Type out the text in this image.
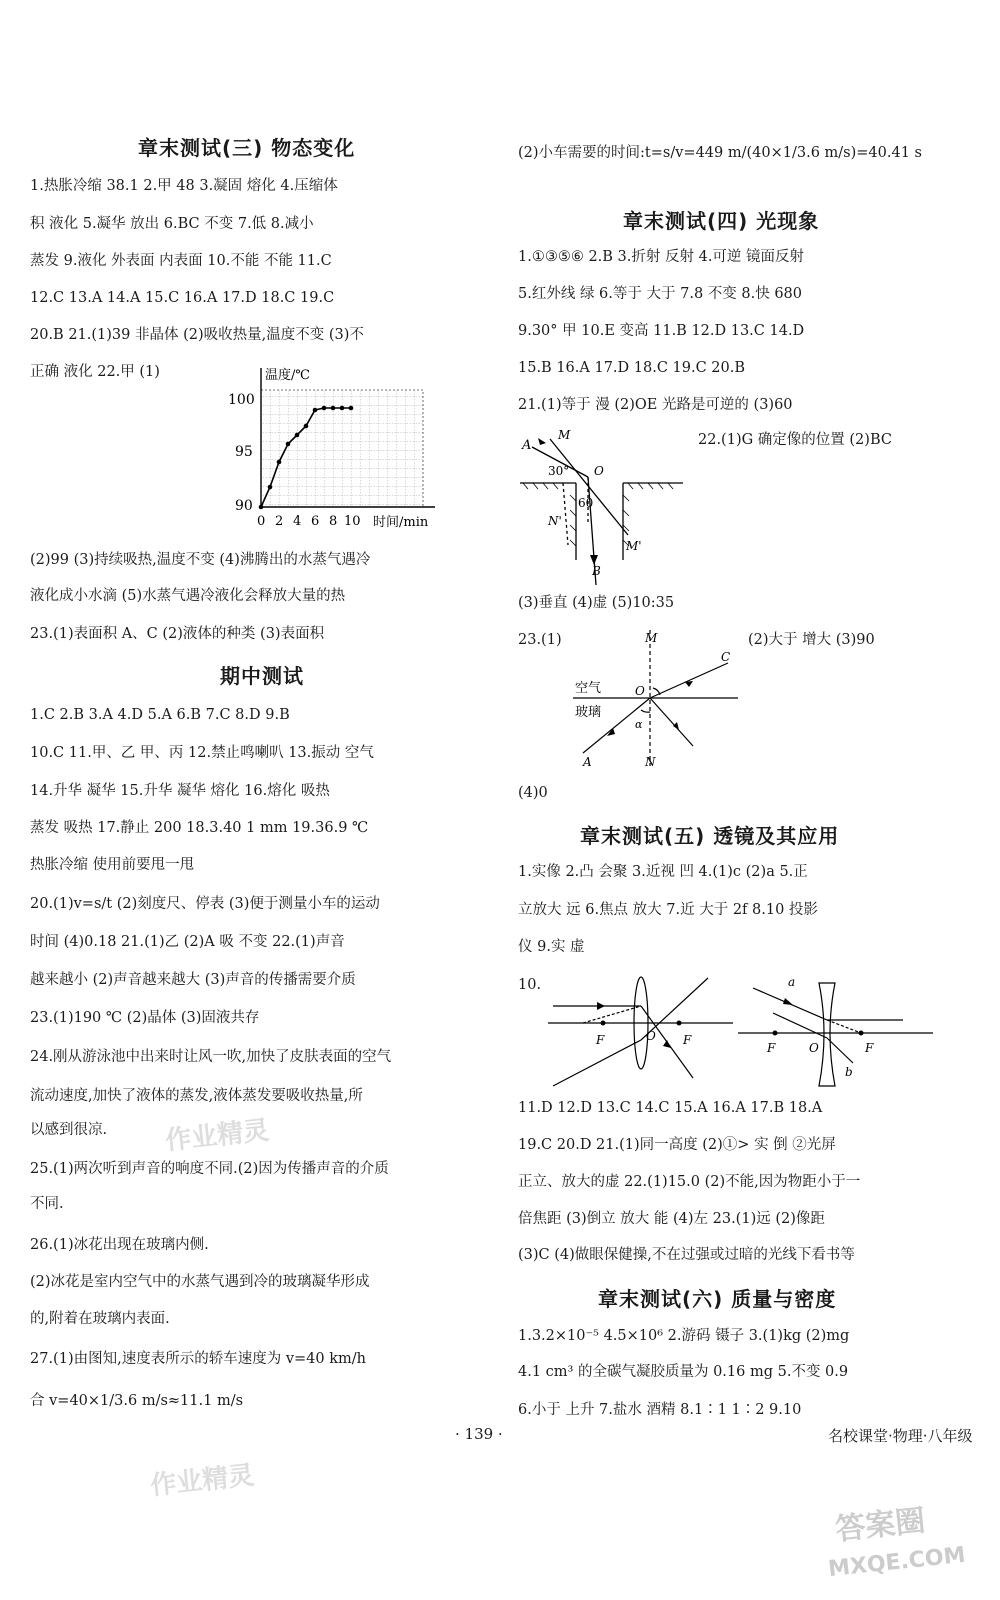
章末测试(三) 物态变化
1.热胀冷缩 38.1 2.甲 48 3.凝固 熔化 4.压缩体
积 液化 5.凝华 放出 6.BC 不变 7.低 8.减小
蒸发 9.液化 外表面 内表面 10.不能 不能 11.C
12.C 13.A 14.A 15.C 16.A 17.D 18.C 19.C
20.B 21.(1)39 非晶体 (2)吸收热量,温度不变 (3)不
正确 液化 22.甲 (1)	温度/℃
100
95
90
0 2 4 6 8 10 时间/min
(2)99 (3)持续吸热,温度不变 (4)沸腾出的水蒸气遇冷
液化成小水滴 (5)水蒸气遇冷液化会释放大量的热
23.(1)表面积 A、C (2)液体的种类 (3)表面积
期中测试
1.C 2.B 3.A 4.D 5.A 6.B 7.C 8.D 9.B
10.C 11.甲、乙 甲、丙 12.禁止鸣喇叭 13.振动 空气
14.升华 凝华 15.升华 凝华 熔化 16.熔化 吸热
蒸发 吸热 17.静止 200 18.3.40 1 mm 19.36.9 ℃
热胀冷缩 使用前要甩一甩
20.(1)v=s/t (2)刻度尺、停表 (3)便于测量小车的运动
时间 (4)0.18 21.(1)乙 (2)A 吸 不变 22.(1)声音
越来越小 (2)声音越来越大 (3)声音的传播需要介质
23.(1)190 ℃ (2)晶体 (3)固液共存
24.刚从游泳池中出来时让风一吹,加快了皮肤表面的空气
流动速度,加快了液体的蒸发,液体蒸发要吸收热量,所
以感到很凉.
25.(1)两次听到声音的响度不同.(2)因为传播声音的介质
不同.
26.(1)冰花出现在玻璃内侧.
(2)冰花是室内空气中的水蒸气遇到冷的玻璃凝华形成
的,附着在玻璃内表面.
27.(1)由图知,速度表所示的轿车速度为 v=40 km/h
合 v=40×1/3.6 m/s≈11.1 m/s
(2)小车需要的时间:t=s/v=449 m/(40×1/3.6 m/s)=40.41 s
章末测试(四) 光现象
1.①③⑤⑥ 2.B 3.折射 反射 4.可逆 镜面反射
5.红外线 绿 6.等于 大于 7.8 不变 8.快 680
9.30° 甲 10.E 变高 11.B 12.D 13.C 14.D
15.B 16.A 17.D 18.C 19.C 20.B
21.(1)等于 漫 (2)OE 光路是可逆的 (3)60
22.(1)G 确定像的位置 (2)BC
A
M
30° O
60
N'
M'
B
(3)垂直 (4)虚 (5)10:35
23.(1)	(2)大于 增大 (3)90
M
C
空气	O
玻璃
A
α
N
(4)0
章末测试(五) 透镜及其应用
1.实像 2.凸 会聚 3.近视 凹 4.(1)c (2)a 5.正
立放大 远 6.焦点 放大 7.近 大于 2f 8.10 投影
仪 9.实 虚
10.
F	O F
a
F	O	F
b
11.D 12.D 13.C 14.C 15.A 16.A 17.B 18.A
19.C 20.D 21.(1)同一高度 (2)①> 实 倒 ②光屏
正立、放大的虚 22.(1)15.0 (2)不能,因为物距小于一
倍焦距 (3)倒立 放大 能 (4)左 23.(1)远 (2)像距
(3)C (4)做眼保健操,不在过强或过暗的光线下看书等
章末测试(六) 质量与密度
1.3.2×10⁻⁵ 4.5×10⁶ 2.游码 镊子 3.(1)kg (2)mg
4.1 cm³ 的全碳气凝胶质量为 0.16 mg 5.不变 0.9
6.小于 上升 7.盐水 酒精 8.1∶1 1∶2 9.10
· 139 ·	名校课堂·物理·八年级
作业精灵
作业精灵
答案圈
MXQE.COM
